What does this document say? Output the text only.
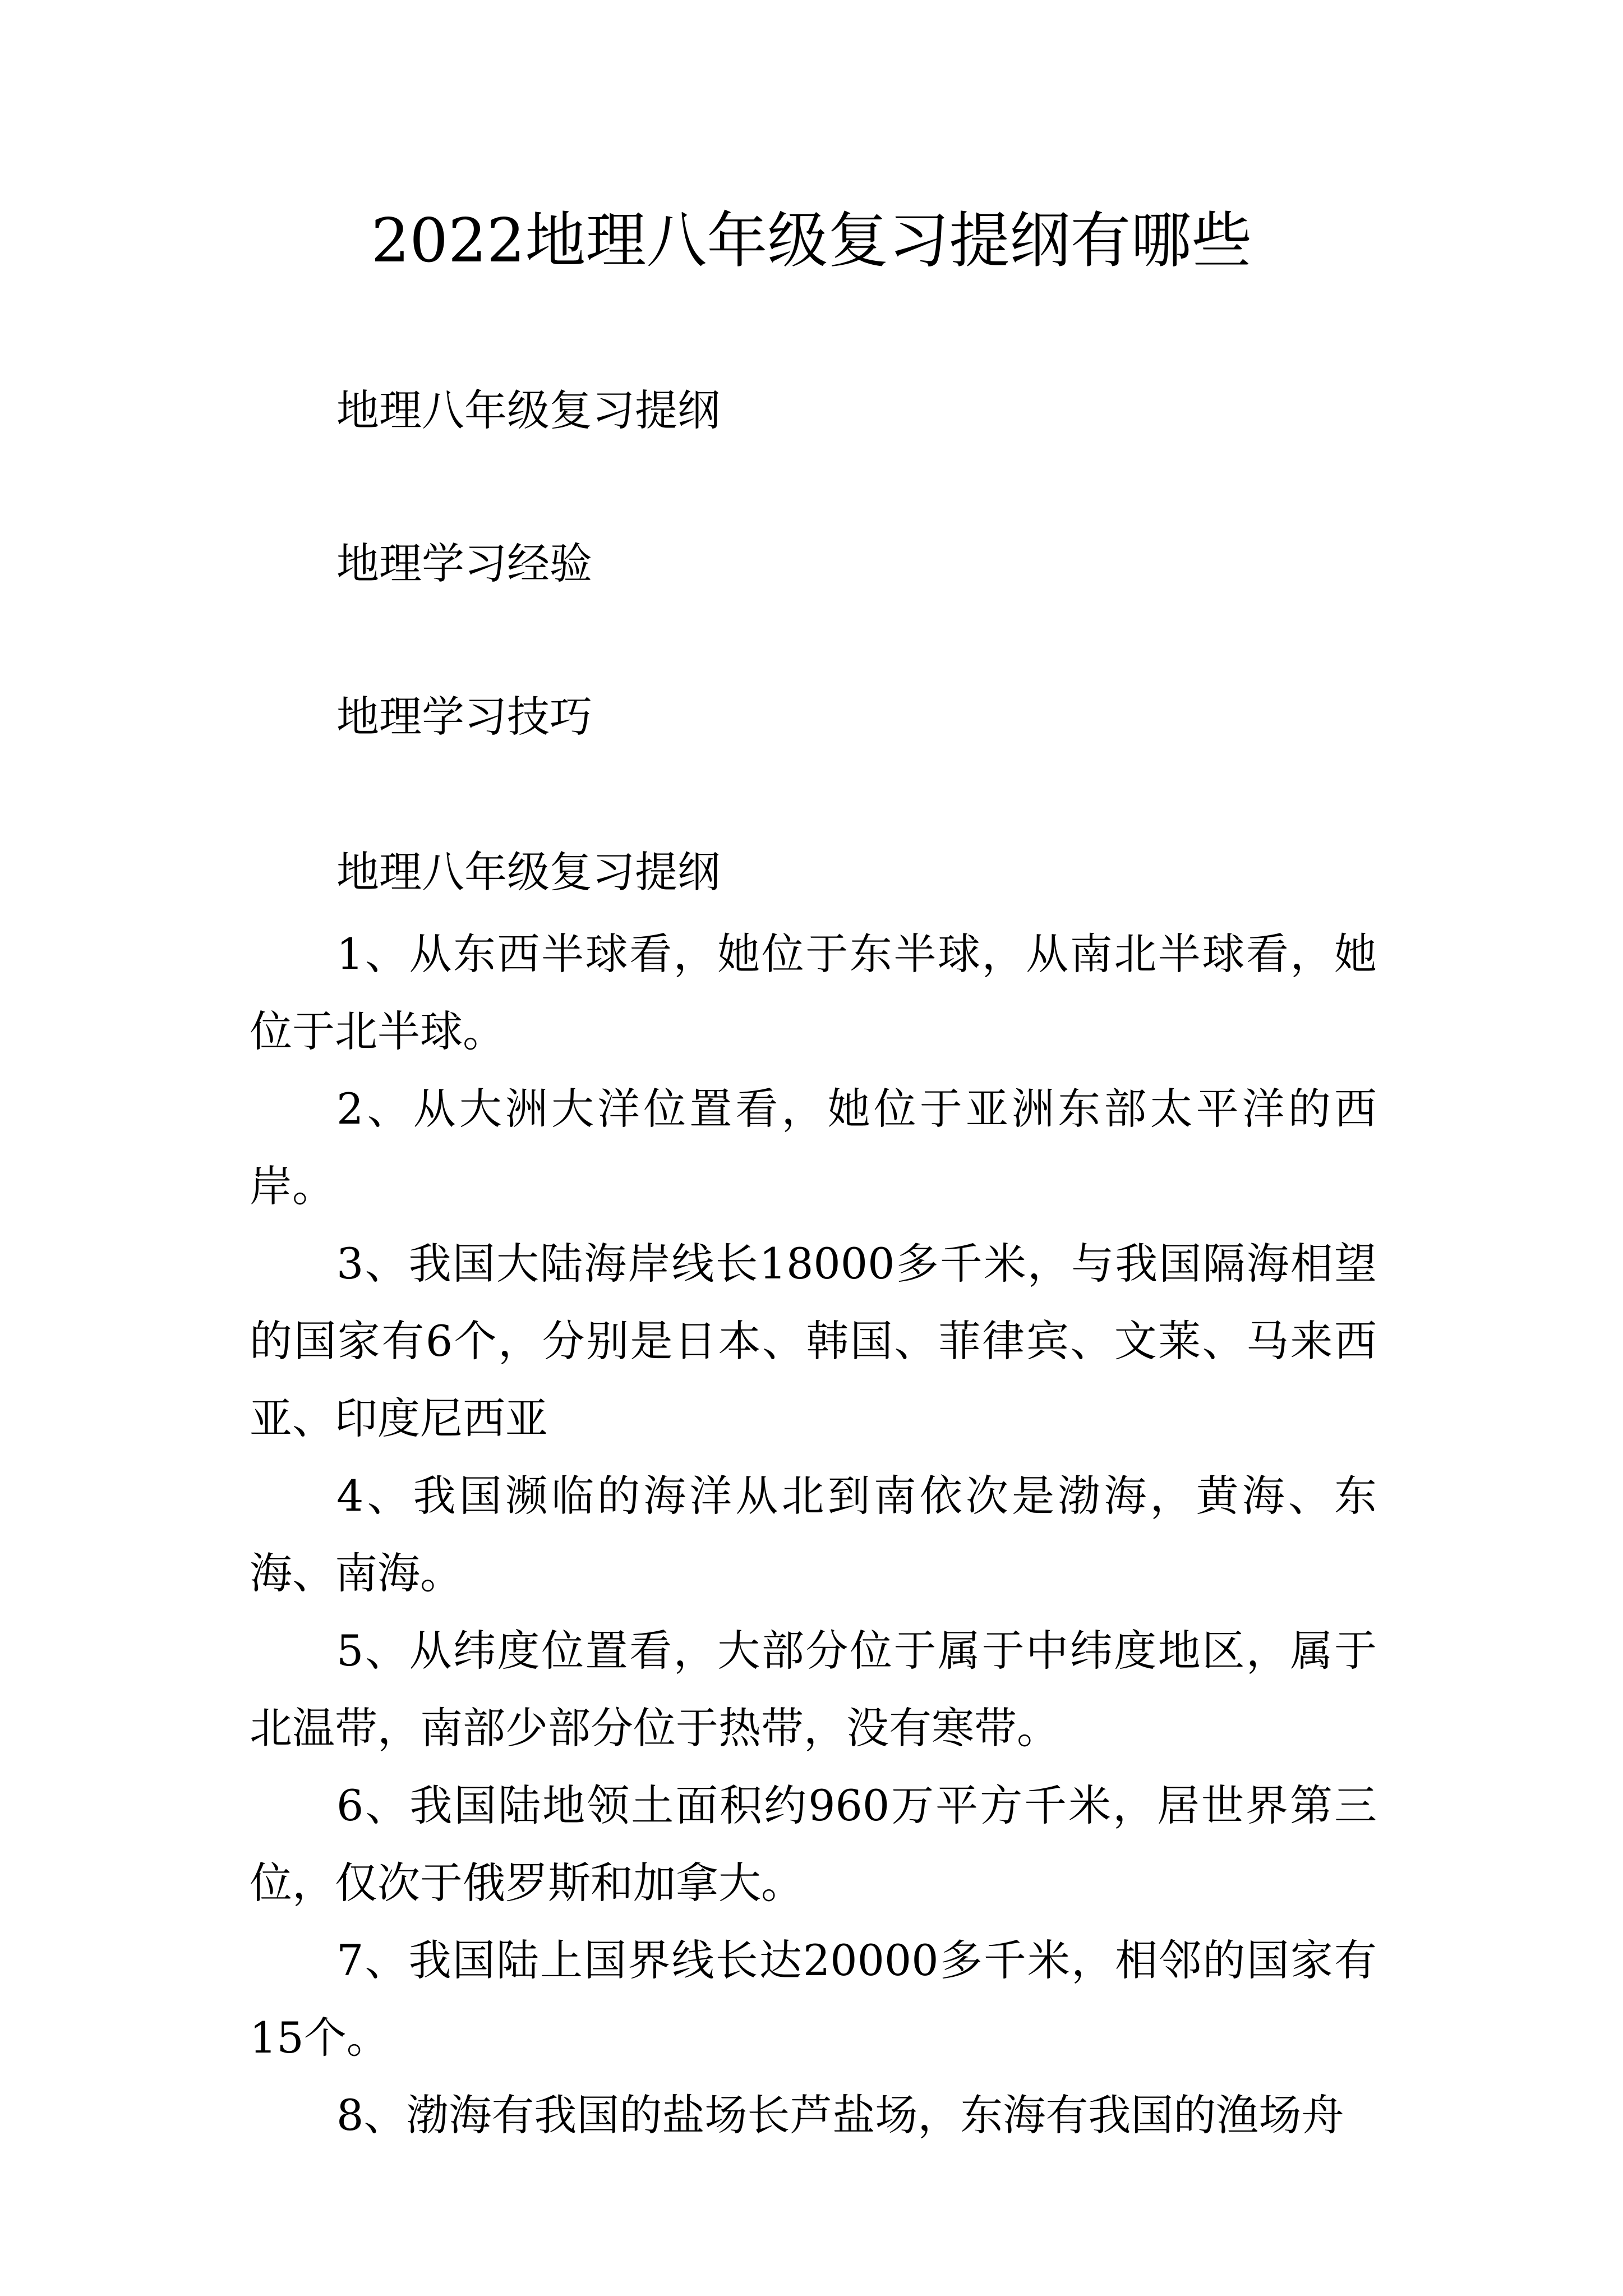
2022地理八年级复习提纲有哪些
地理八年级复习提纲
地理学习经验
地理学习技巧
地理八年级复习提纲

1、从东西半球看，她位于东半球，从南北半球看，她位于北半球。

2、从大洲大洋位置看，她位于亚洲东部太平洋的西岸。

3、我国大陆海岸线长18000多千米，与我国隔海相望的国家有6个，分别是日本、韩国、菲律宾、文莱、马来西亚、印度尼西亚

4、我国濒临的海洋从北到南依次是渤海，黄海、东海、南海。

5、从纬度位置看，大部分位于属于中纬度地区，属于北温带，南部少部分位于热带，没有寒带。

6、我国陆地领土面积约960万平方千米，居世界第三位，仅次于俄罗斯和加拿大。

7、我国陆上国界线长达20000多千米，相邻的国家有15个。

8、渤海有我国的盐场长芦盐场，东海有我国的渔场舟
